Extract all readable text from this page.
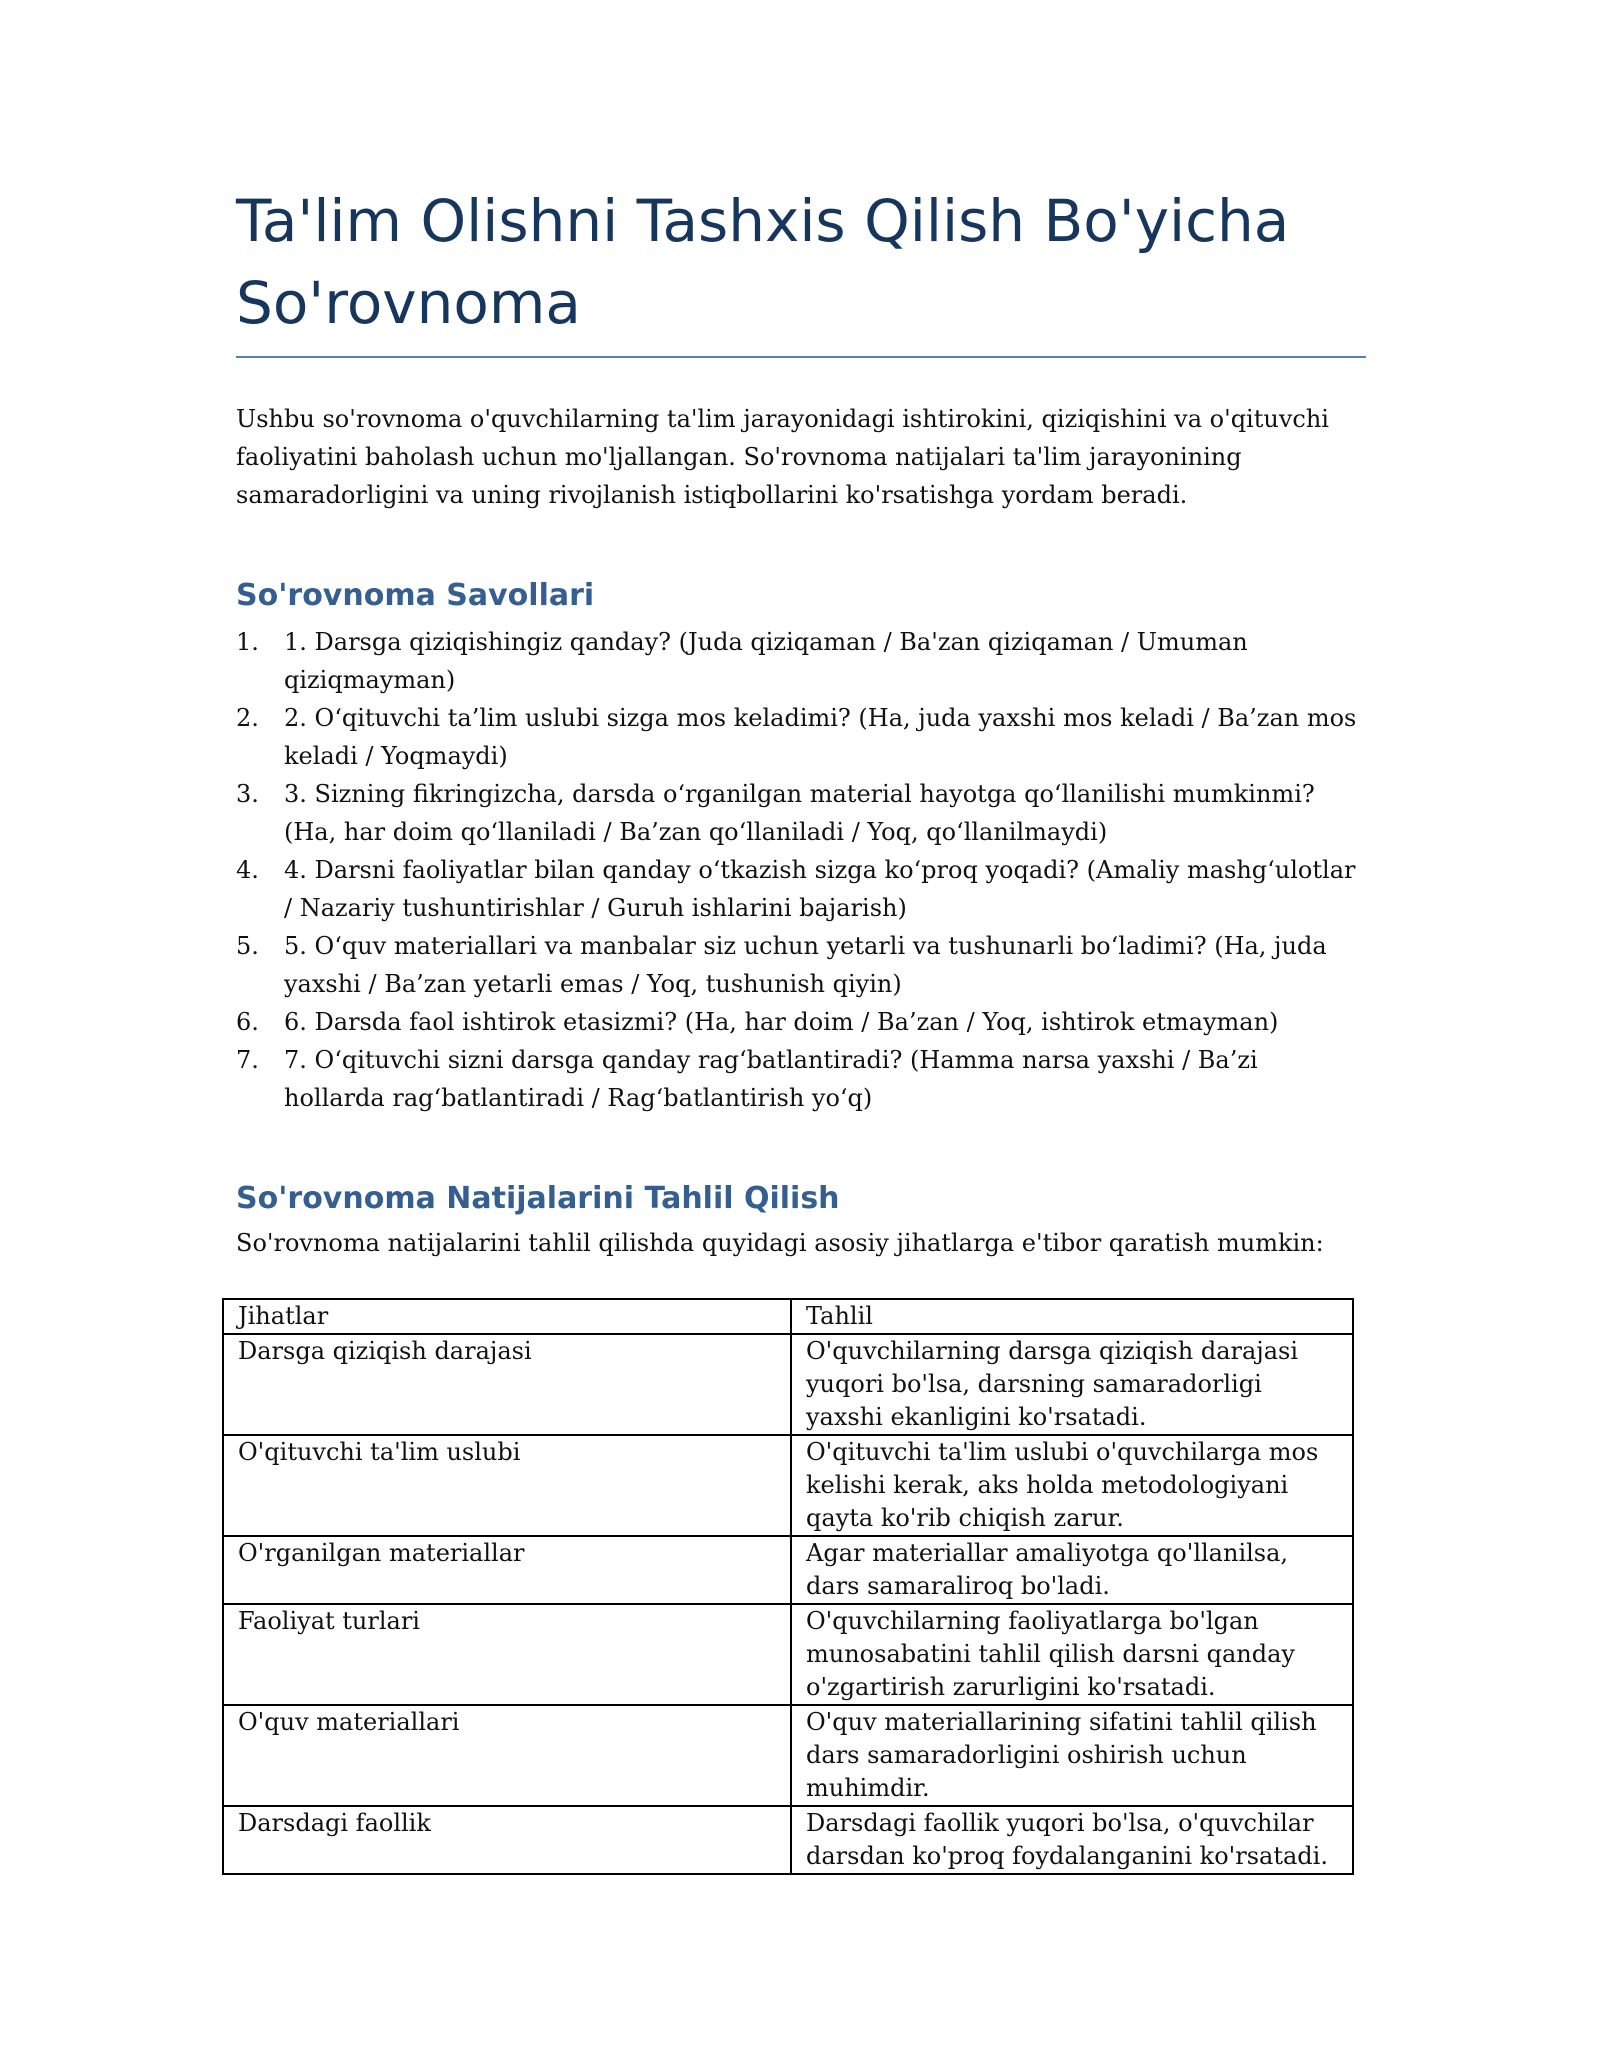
Ta'lim Olishni Tashxis Qilish Bo'yicha So'rovnoma

Ushbu so'rovnoma o'quvchilarning ta'lim jarayonidagi ishtirokini, qiziqishini va o'qituvchi faoliyatini baholash uchun mo'ljallangan. So'rovnoma natijalari ta'lim jarayonining samaradorligini va uning rivojlanish istiqbollarini ko'rsatishga yordam beradi.

So'rovnoma Savollari
1. 1. Darsga qiziqishingiz qanday? (Juda qiziqaman / Ba'zan qiziqaman / Umuman qiziqmayman)
2. 2. O‘qituvchi ta’lim uslubi sizga mos keladimi? (Ha, juda yaxshi mos keladi / Ba’zan mos keladi / Yoqmaydi)
3. 3. Sizning fikringizcha, darsda o‘rganilgan material hayotga qo‘llanilishi mumkinmi? (Ha, har doim qo‘llaniladi / Ba’zan qo‘llaniladi / Yoq, qo‘llanilmaydi)
4. 4. Darsni faoliyatlar bilan qanday o‘tkazish sizga ko‘proq yoqadi? (Amaliy mashg‘ulotlar / Nazariy tushuntirishlar / Guruh ishlarini bajarish)
5. 5. O‘quv materiallari va manbalar siz uchun yetarli va tushunarli bo‘ladimi? (Ha, juda yaxshi / Ba’zan yetarli emas / Yoq, tushunish qiyin)
6. 6. Darsda faol ishtirok etasizmi? (Ha, har doim / Ba’zan / Yoq, ishtirok etmayman)
7. 7. O‘qituvchi sizni darsga qanday rag‘batlantiradi? (Hamma narsa yaxshi / Ba’zi hollarda rag‘batlantiradi / Rag‘batlantirish yo‘q)
So'rovnoma Natijalarini Tahlil Qilish

So'rovnoma natijalarini tahlil qilishda quyidagi asosiy jihatlarga e'tibor qaratish mumkin:

Jihatlar	Tahlil
Darsga qiziqish darajasi	O'quvchilarning darsga qiziqish darajasi yuqori bo'lsa, darsning samaradorligi yaxshi ekanligini ko'rsatadi.
O'qituvchi ta'lim uslubi	O'qituvchi ta'lim uslubi o'quvchilarga mos kelishi kerak, aks holda metodologiyani qayta ko'rib chiqish zarur.
O'rganilgan materiallar	Agar materiallar amaliyotga qo'llanilsa, dars samaraliroq bo'ladi.
Faoliyat turlari	O'quvchilarning faoliyatlarga bo'lgan munosabatini tahlil qilish darsni qanday o'zgartirish zarurligini ko'rsatadi.
O'quv materiallari	O'quv materiallarining sifatini tahlil qilish dars samaradorligini oshirish uchun muhimdir.
Darsdagi faollik	Darsdagi faollik yuqori bo'lsa, o'quvchilar darsdan ko'proq foydalanganini ko'rsatadi.
